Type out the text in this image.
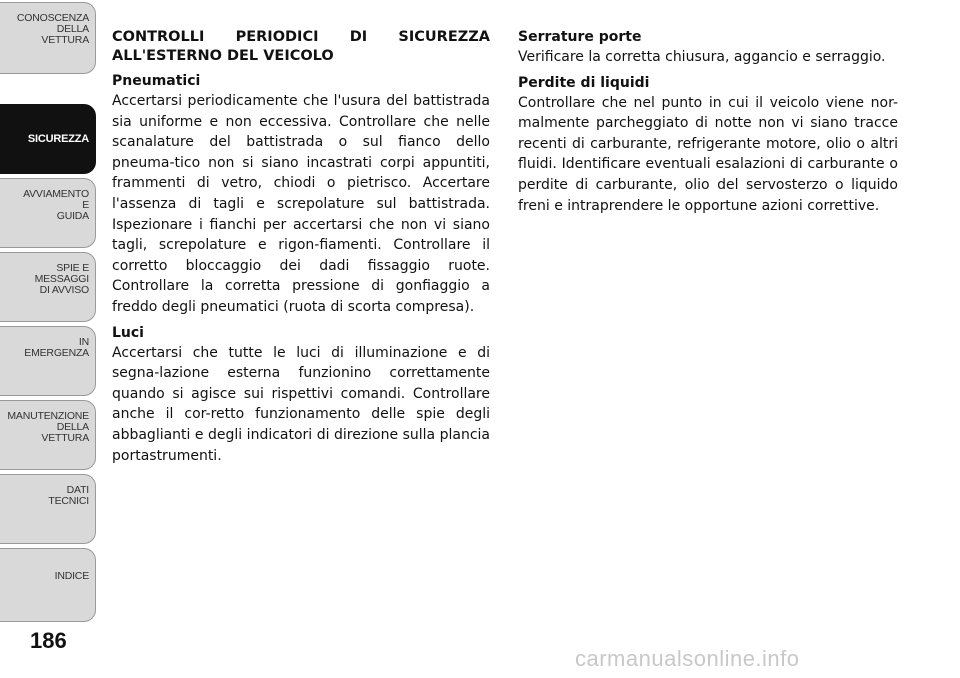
CONOSCENZA
DELLA
VETTURA
SICUREZZA
AVVIAMENTO
E
GUIDA
SPIE E
MESSAGGI
DI AVVISO
IN
EMERGENZA
MANUTENZIONE
DELLA
VETTURA
DATI
TECNICI
INDICE
186

CONTROLLI PERIODICI DI SICUREZZA ALL'ESTERNO DEL VEICOLO

Pneumatici

Accertarsi periodicamente che l'usura del battistrada sia uniforme e non eccessiva. Controllare che nelle scanalature del battistrada o sul fianco dello pneuma-tico non si siano incastrati corpi appuntiti, frammenti di vetro, chiodi o pietrisco. Accertare l'assenza di tagli e screpolature sul battistrada. Ispezionare i fianchi per accertarsi che non vi siano tagli, screpolature e rigon-fiamenti. Controllare il corretto bloccaggio dei dadi fissaggio ruote. Controllare la corretta pressione di gonfiaggio a freddo degli pneumatici (ruota di scorta compresa).

Luci

Accertarsi che tutte le luci di illuminazione e di segna-lazione esterna funzionino correttamente quando si agisce sui rispettivi comandi. Controllare anche il cor-retto funzionamento delle spie degli abbaglianti e degli indicatori di direzione sulla plancia portastrumenti.

Serrature porte

Verificare la corretta chiusura, aggancio e serraggio.

Perdite di liquidi

Controllare che nel punto in cui il veicolo viene nor-malmente parcheggiato di notte non vi siano tracce recenti di carburante, refrigerante motore, olio o altri fluidi. Identificare eventuali esalazioni di carburante o perdite di carburante, olio del servosterzo o liquido freni e intraprendere le opportune azioni correttive.

carmanualsonline.info
